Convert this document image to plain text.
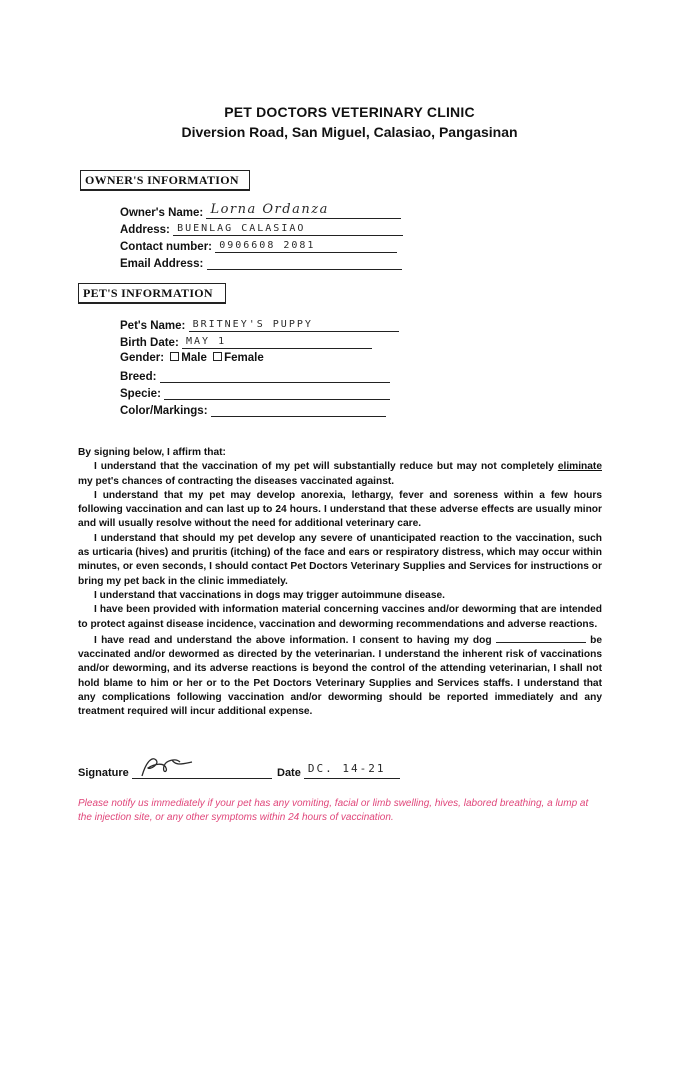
PET DOCTORS VETERINARY CLINIC
Diversion Road, San Miguel, Calasiao, Pangasinan
OWNER'S INFORMATION
Owner's Name: Lorna Ordanza
Address: BUENLAG CALASIAO
Contact number: 0906608 2081
Email Address:
PET'S INFORMATION
Pet's Name: BRITNEY'S PUPPY
Birth Date: MAY 1
Gender: Male Female
Breed:
Specie:
Color/Markings:

By signing below, I affirm that:

I understand that the vaccination of my pet will substantially reduce but may not completely eliminate my pet's chances of contracting the diseases vaccinated against.

I understand that my pet may develop anorexia, lethargy, fever and soreness within a few hours following vaccination and can last up to 24 hours. I understand that these adverse effects are usually minor and will usually resolve without the need for additional veterinary care.

I understand that should my pet develop any severe of unanticipated reaction to the vaccination, such as urticaria (hives) and pruritis (itching) of the face and ears or respiratory distress, which may occur within minutes, or even seconds, I should contact Pet Doctors Veterinary Supplies and Services for instructions or bring my pet back in the clinic immediately.

I understand that vaccinations in dogs may trigger autoimmune disease.

I have been provided with information material concerning vaccines and/or deworming that are intended to protect against disease incidence, vaccination and deworming recommendations and adverse reactions.

I have read and understand the above information. I consent to having my dog	be vaccinated and/or dewormed as directed by the veterinarian. I understand the inherent risk of vaccinations and/or deworming, and its adverse reactions is beyond the control of the attending veterinarian, I shall not hold blame to him or her or to the Pet Doctors Veterinary Supplies and Services staffs. I understand that any complications following vaccination and/or deworming should be reported immediately and any treatment required will incur additional expense.

Signature	Date DC. 14-21
Please notify us immediately if your pet has any vomiting, facial or limb swelling, hives, labored breathing, a lump at the injection site, or any other symptoms within 24 hours of vaccination.
